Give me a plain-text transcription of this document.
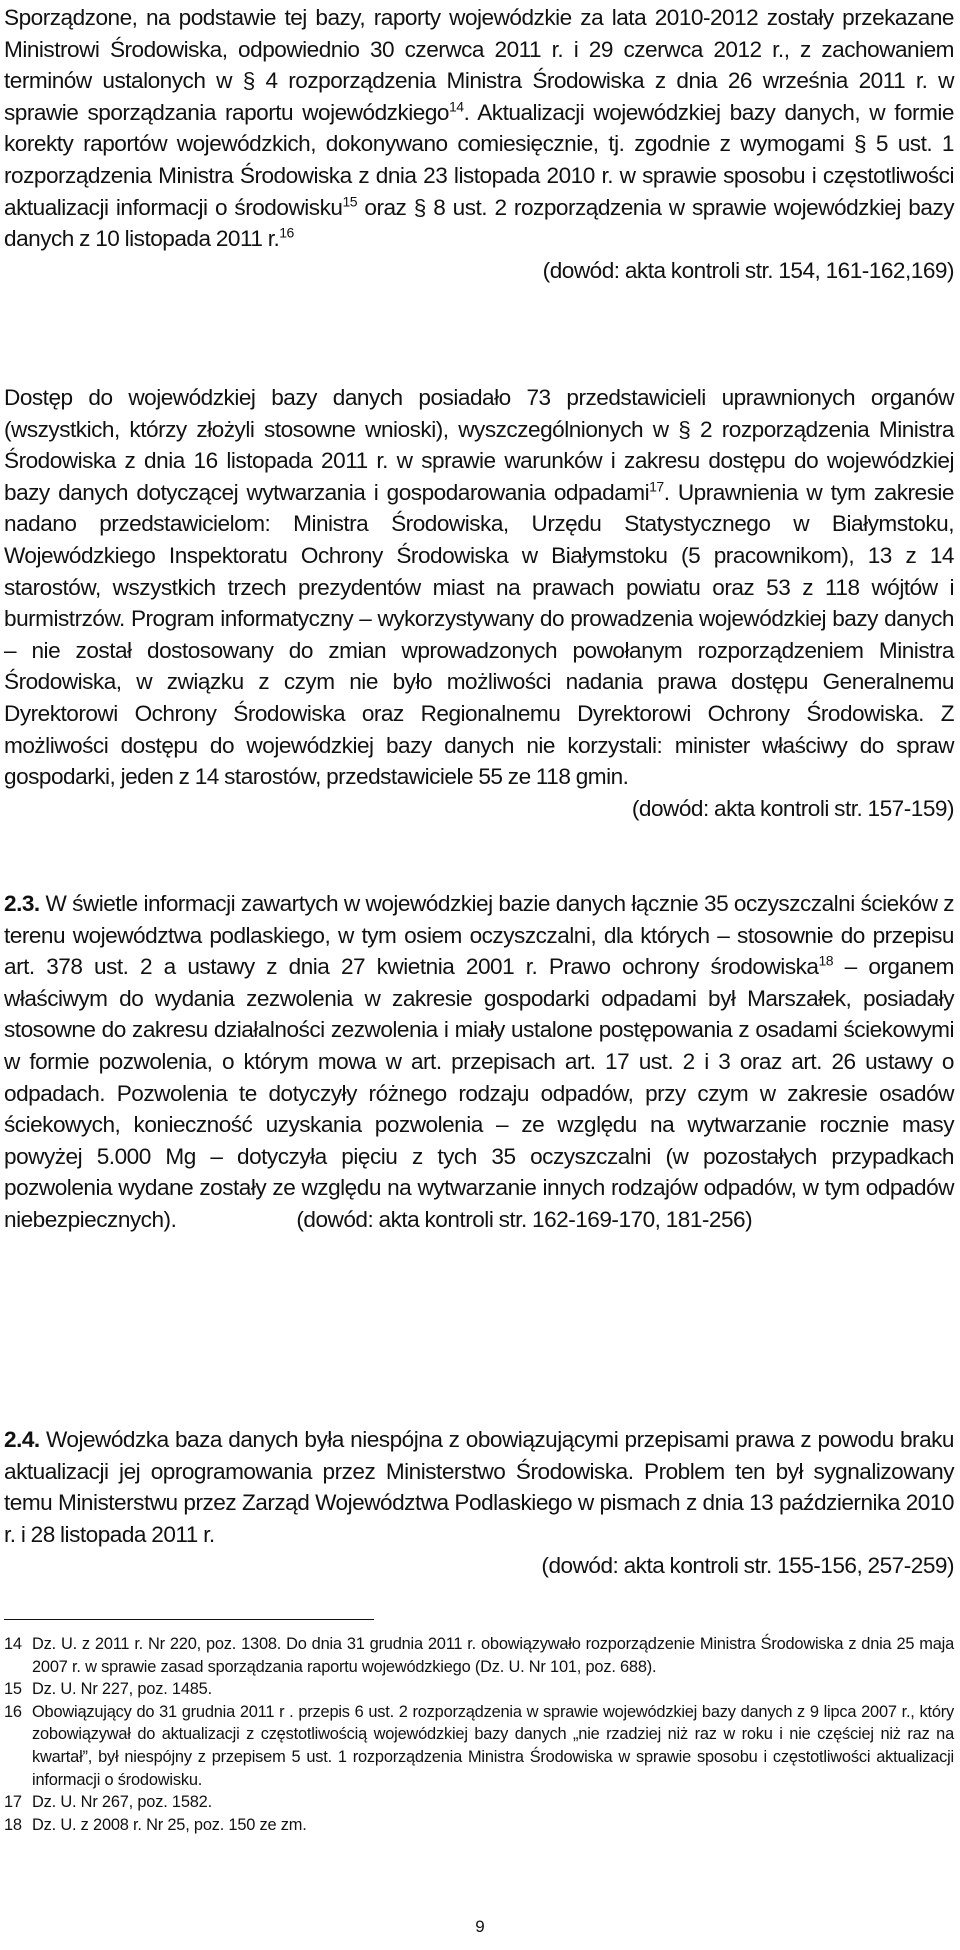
Sporządzone, na podstawie tej bazy, raporty wojewódzkie za lata 2010-2012 zostały przekazane Ministrowi Środowiska, odpowiednio 30 czerwca 2011 r. i 29 czerwca 2012 r., z zachowaniem terminów ustalonych w § 4 rozporządzenia Ministra Środowiska z dnia 26 września 2011 r. w sprawie sporządzania raportu wojewódzkiego$^{14}$. Aktualizacji wojewódzkiej bazy danych, w formie korekty raportów wojewódzkich, dokonywano comiesięcznie, tj. zgodnie z wymogami § 5 ust. 1 rozporządzenia Ministra Środowiska z dnia 23 listopada 2010 r. w sprawie sposobu i częstotliwości aktualizacji informacji o środowisku$^{15}$ oraz § 8 ust. 2 rozporządzenia w sprawie wojewódzkiej bazy danych z 10 listopada 2011 r.$^{16}$
(dowód: akta kontroli str. 154, 161-162,169)

Dostęp do wojewódzkiej bazy danych posiadało 73 przedstawicieli uprawnionych organów (wszystkich, którzy złożyli stosowne wnioski), wyszczególnionych w § 2 rozporządzenia Ministra Środowiska z dnia 16 listopada 2011 r. w sprawie warunków i zakresu dostępu do wojewódzkiej bazy danych dotyczącej wytwarzania i gospodarowania odpadami$^{17}$. Uprawnienia w tym zakresie nadano przedstawicielom: Ministra Środowiska, Urzędu Statystycznego w Białymstoku, Wojewódzkiego Inspektoratu Ochrony Środowiska w Białymstoku (5 pracownikom), 13 z 14 starostów, wszystkich trzech prezydentów miast na prawach powiatu oraz 53 z 118 wójtów i burmistrzów. Program informatyczny – wykorzystywany do prowadzenia wojewódzkiej bazy danych – nie został dostosowany do zmian wprowadzonych powołanym rozporządzeniem Ministra Środowiska, w związku z czym nie było możliwości nadania prawa dostępu Generalnemu Dyrektorowi Ochrony Środowiska oraz Regionalnemu Dyrektorowi Ochrony Środowiska. Z możliwości dostępu do wojewódzkiej bazy danych nie korzystali: minister właściwy do spraw gospodarki, jeden z 14 starostów, przedstawiciele 55 ze 118 gmin.
(dowód: akta kontroli str. 157-159)

2.3. W świetle informacji zawartych w wojewódzkiej bazie danych łącznie 35 oczyszczalni ścieków z terenu województwa podlaskiego, w tym osiem oczyszczalni, dla których – stosownie do przepisu art. 378 ust. 2 a ustawy z dnia 27 kwietnia 2001 r. Prawo ochrony środowiska$^{18}$ – organem właściwym do wydania zezwolenia w zakresie gospodarki odpadami był Marszałek, posiadały stosowne do zakresu działalności zezwolenia i miały ustalone postępowania z osadami ściekowymi w formie pozwolenia, o którym mowa w art. przepisach art. 17 ust. 2 i 3 oraz art. 26 ustawy o odpadach. Pozwolenia te dotyczyły różnego rodzaju odpadów, przy czym w zakresie osadów ściekowych, konieczność uzyskania pozwolenia – ze względu na wytwarzanie rocznie masy powyżej 5.000 Mg – dotyczyła pięciu z tych 35 oczyszczalni (w pozostałych przypadkach pozwolenia wydane zostały ze względu na wytwarzanie innych rodzajów odpadów, w tym odpadów niebezpiecznych).	(dowód: akta kontroli str. 162-169-170, 181-256)

2.4. Wojewódzka baza danych była niespójna z obowiązującymi przepisami prawa z powodu braku aktualizacji jej oprogramowania przez Ministerstwo Środowiska. Problem ten był sygnalizowany temu Ministerstwu przez Zarząd Województwa Podlaskiego w pismach z dnia 13 października 2010 r. i 28 listopada 2011 r.
(dowód: akta kontroli str. 155-156, 257-259)

14 Dz. U. z 2011 r. Nr 220, poz. 1308. Do dnia 31 grudnia 2011 r. obowiązywało rozporządzenie Ministra Środowiska z dnia 25 maja 2007 r. w sprawie zasad sporządzania raportu wojewódzkiego (Dz. U. Nr 101, poz. 688).
15 Dz. U. Nr 227, poz. 1485.
16 Obowiązujący do 31 grudnia 2011 r . przepis 6 ust. 2 rozporządzenia w sprawie wojewódzkiej bazy danych z 9 lipca 2007 r., który zobowiązywał do aktualizacji z częstotliwością wojewódzkiej bazy danych „nie rzadziej niż raz w roku i nie częściej niż raz na kwartał”, był niespójny z przepisem 5 ust. 1 rozporządzenia Ministra Środowiska w sprawie sposobu i częstotliwości aktualizacji informacji o środowisku.
17 Dz. U. Nr 267, poz. 1582.
18 Dz. U. z 2008 r. Nr 25, poz. 150 ze zm.
9
